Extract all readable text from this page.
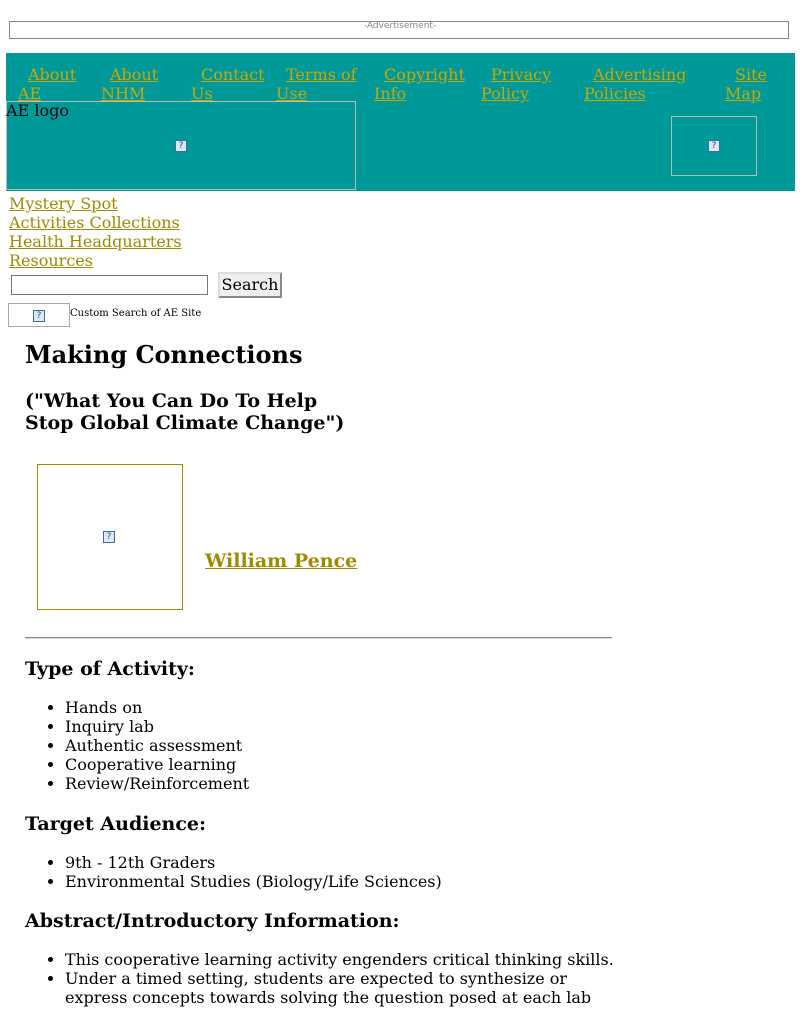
-Advertisement-
About
AE
About
NHM
Contact
Us
Terms of
Use
Copyright
Info
Privacy
Policy
Advertising
Policies
Site
Map
?
AE logo
?
Mystery Spot
Activities Collections
Health Headquarters
Resources
Search
?	Custom Search of AE Site
Making Connections
("What You Can Do To Help
Stop Global Climate Change")
?
William Pence
Type of Activity:
• Hands on
• Inquiry lab
• Authentic assessment
• Cooperative learning
• Review/Reinforcement
Target Audience:
• 9th - 12th Graders
• Environmental Studies (Biology/Life Sciences)
Abstract/Introductory Information:
• This cooperative learning activity engenders critical thinking skills.
• Under a timed setting, students are expected to synthesize or express concepts towards solving the question posed at each lab
